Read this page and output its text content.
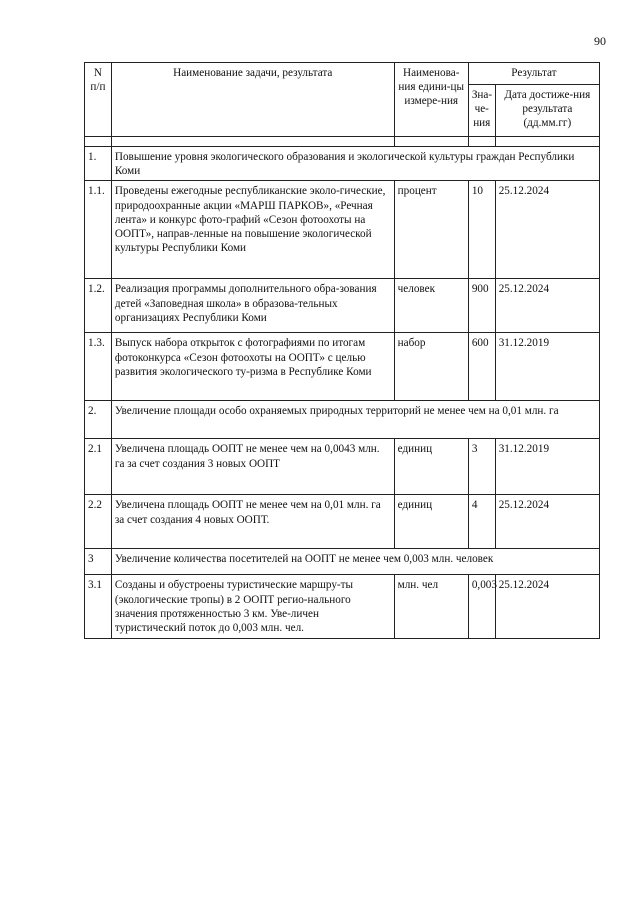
90
N п/п	Наименование задачи, результата	Наименова-ния едини-цы измере-ния	Результат	
			Зна-че-ния	Дата достиже-ния результата (дд.мм.гг)

1.	Повышение уровня экологического образования и экологической культуры граждан Республики Коми			
1.1.	Проведены ежегодные республиканские эколо-гические, природоохранные акции «МАРШ ПАРКОВ», «Речная лента» и конкурс фото-графий «Сезон фотоохоты на ООПТ», направ-ленные на повышение экологической культуры Республики Коми	процент	10	25.12.2024
1.2.	Реализация программы дополнительного обра-зования детей «Заповедная школа» в образова-тельных организациях Республики Коми	человек	900	25.12.2024
1.3.	Выпуск набора открыток с фотографиями по итогам фотоконкурса «Сезон фотоохоты на ООПТ» с целью развития экологического ту-ризма в Республике Коми	набор	600	31.12.2019
2.	Увеличение площади особо охраняемых природных территорий не менее чем на 0,01 млн. га			
2.1	Увеличена площадь ООПТ не менее чем на 0,0043 млн. га за счет создания 3 новых ООПТ	единиц	3	31.12.2019
2.2	Увеличена площадь ООПТ не менее чем на 0,01 млн. га за счет создания 4 новых ООПТ.	единиц	4	25.12.2024
3	Увеличение количества посетителей на ООПТ не менее чем 0,003 млн. человек			
3.1	Созданы и обустроены туристические маршру-ты (экологические тропы) в 2 ООПТ регио-нального значения протяженностью 3 км. Уве-личен туристический поток до 0,003 млн. чел.	млн. чел	0,003	25.12.2024
